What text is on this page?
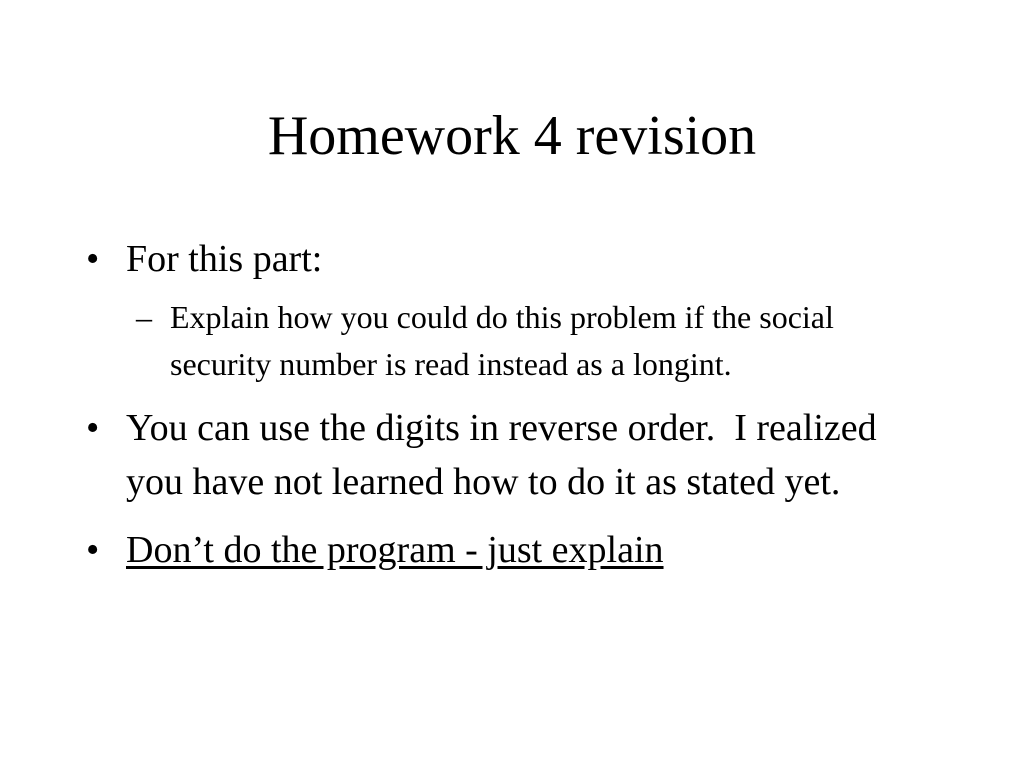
Homework 4 revision
• For this part:
– Explain how you could do this problem if the social security number is read instead as a longint.
• You can use the digits in reverse order.  I realized you have not learned how to do it as stated yet.
• Don’t do the program - just explain
